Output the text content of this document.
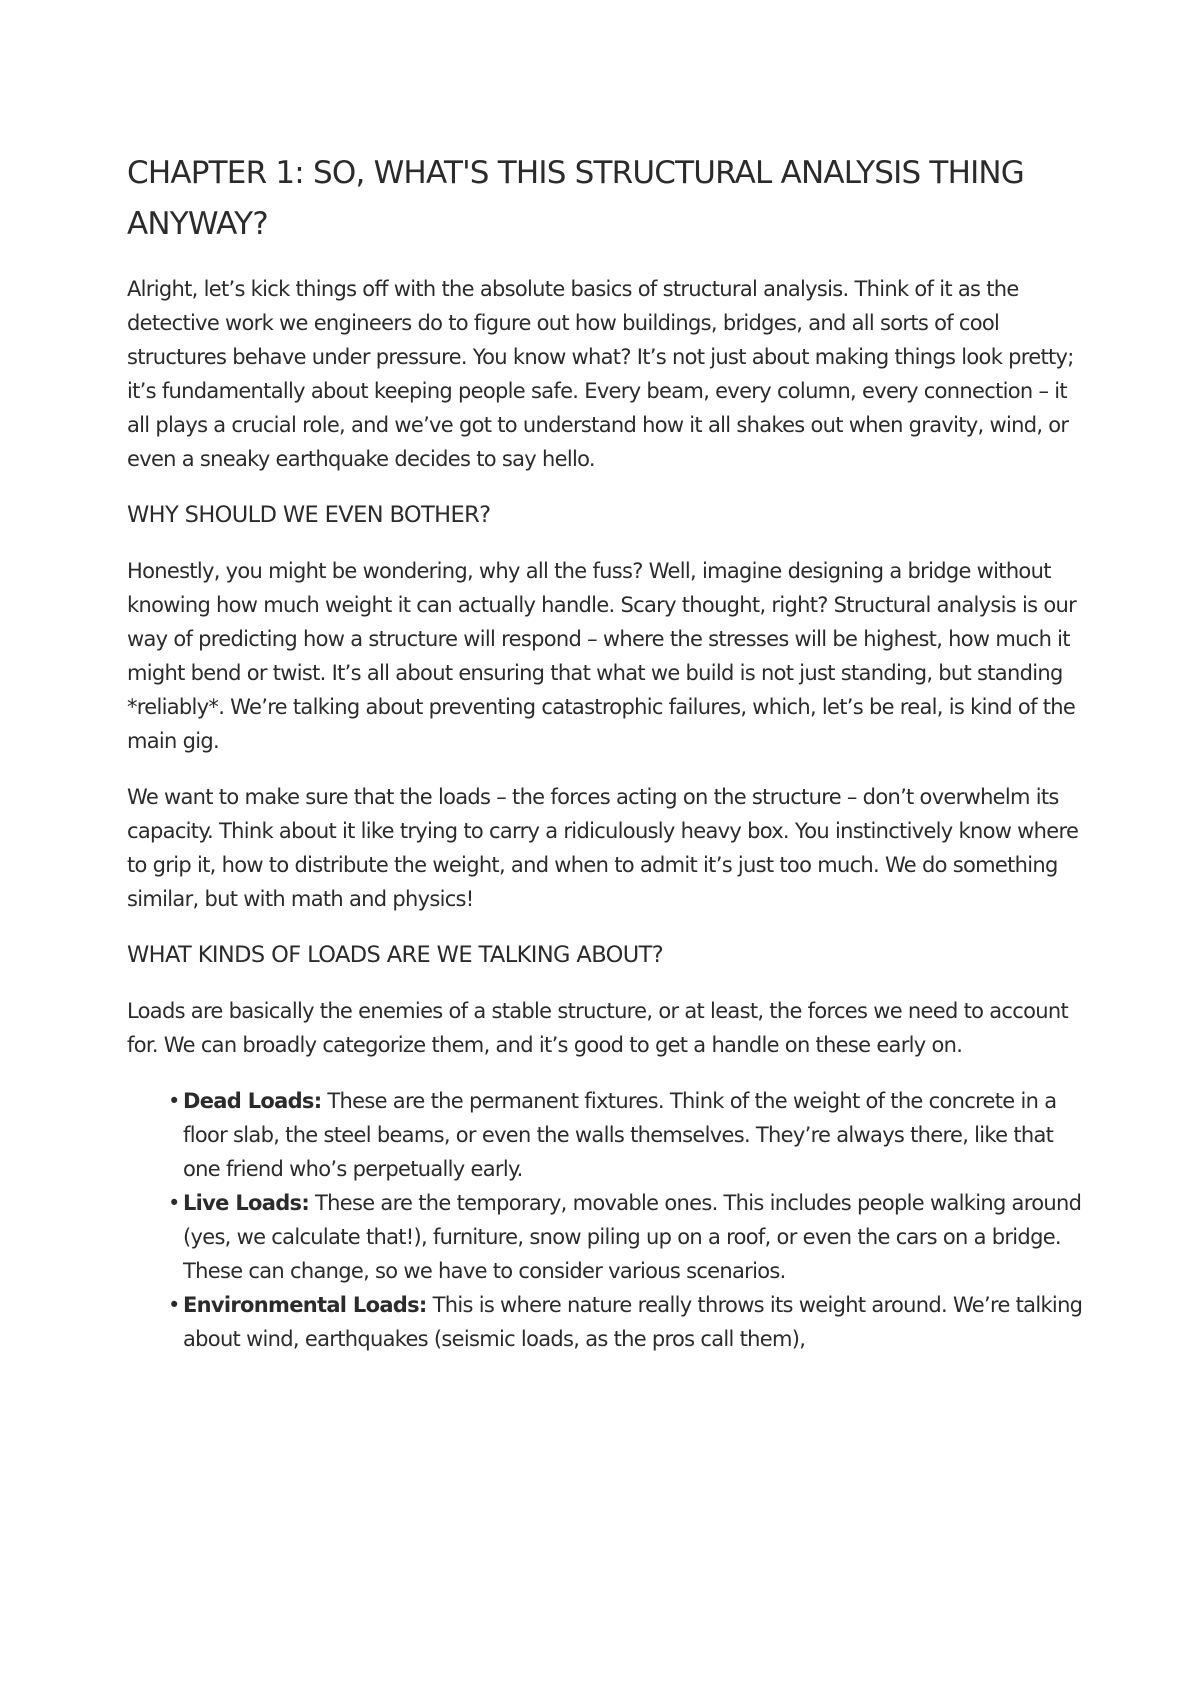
CHAPTER 1: SO, WHAT'S THIS STRUCTURAL ANALYSIS THING ANYWAY?

Alright, let’s kick things off with the absolute basics of structural analysis. Think of it as the detective work we engineers do to figure out how buildings, bridges, and all sorts of cool structures behave under pressure. You know what? It’s not just about making things look pretty; it’s fundamentally about keeping people safe. Every beam, every column, every connection – it all plays a crucial role, and we’ve got to understand how it all shakes out when gravity, wind, or even a sneaky earthquake decides to say hello.

WHY SHOULD WE EVEN BOTHER?

Honestly, you might be wondering, why all the fuss? Well, imagine designing a bridge without knowing how much weight it can actually handle. Scary thought, right? Structural analysis is our way of predicting how a structure will respond – where the stresses will be highest, how much it might bend or twist. It’s all about ensuring that what we build is not just standing, but standing *reliably*. We’re talking about preventing catastrophic failures, which, let’s be real, is kind of the main gig.

We want to make sure that the loads – the forces acting on the structure – don’t overwhelm its capacity. Think about it like trying to carry a ridiculously heavy box. You instinctively know where to grip it, how to distribute the weight, and when to admit it’s just too much. We do something similar, but with math and physics!

WHAT KINDS OF LOADS ARE WE TALKING ABOUT?

Loads are basically the enemies of a stable structure, or at least, the forces we need to account for. We can broadly categorize them, and it’s good to get a handle on these early on.

• Dead Loads: These are the permanent fixtures. Think of the weight of the concrete in a floor slab, the steel beams, or even the walls themselves. They’re always there, like that one friend who’s perpetually early.
• Live Loads: These are the temporary, movable ones. This includes people walking around (yes, we calculate that!), furniture, snow piling up on a roof, or even the cars on a bridge. These can change, so we have to consider various scenarios.
• Environmental Loads: This is where nature really throws its weight around. We’re talking about wind, earthquakes (seismic loads, as the pros call them),
